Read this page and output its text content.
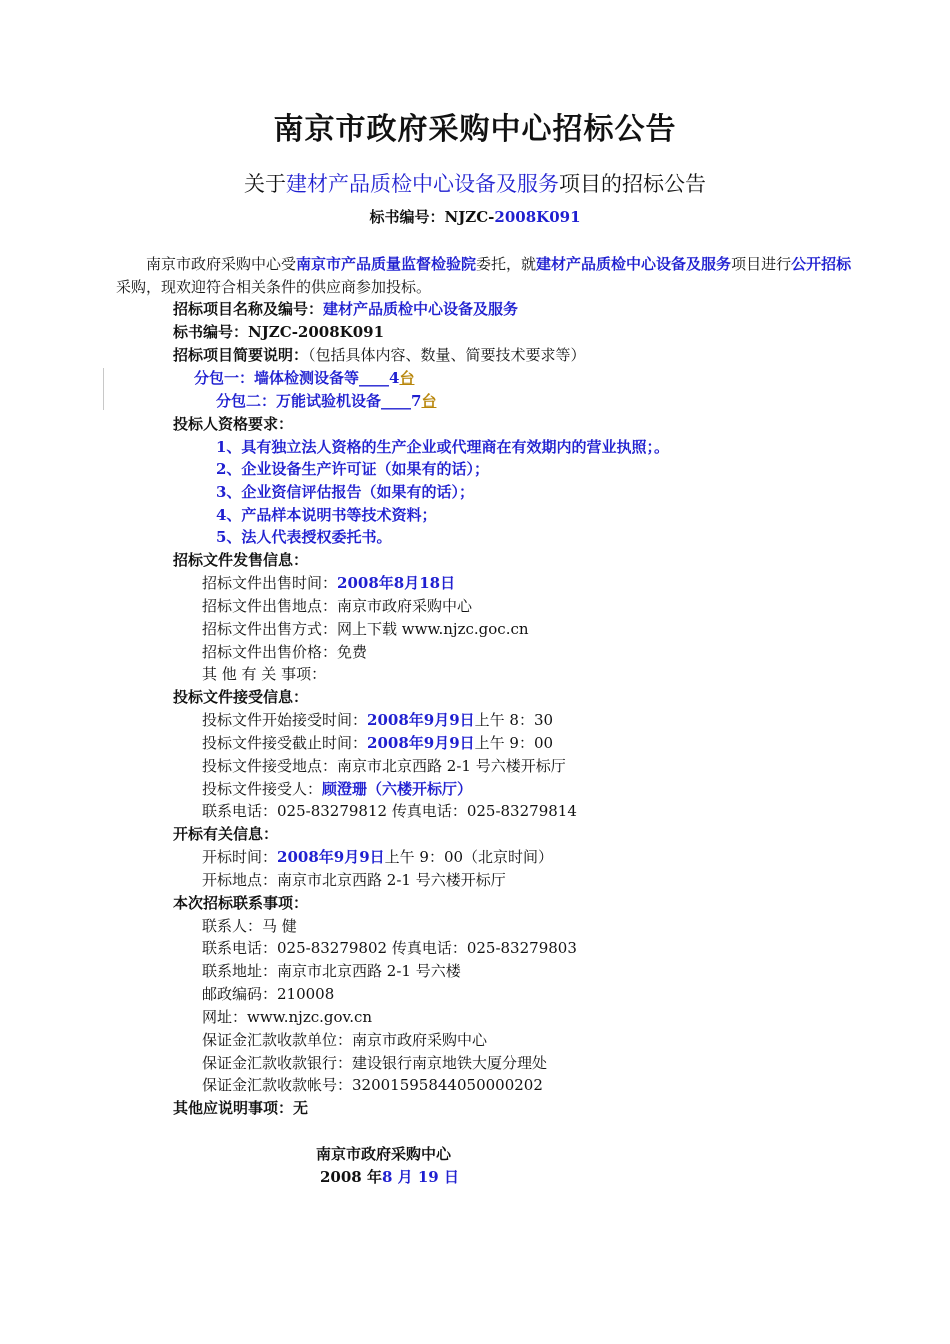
南京市政府采购中心招标公告
关于建材产品质检中心设备及服务项目的招标公告
标书编号：NJZC-2008K091
南京市政府采购中心受南京市产品质量监督检验院委托，就建材产品质检中心设备及服务项目进行公开招标采购，现欢迎符合相关条件的供应商参加投标。
招标项目名称及编号：建材产品质检中心设备及服务
标书编号：NJZC-2008K091
招标项目简要说明：（包括具体内容、数量、简要技术要求等）
分包一：墙体检测设备等____4台
分包二：万能试验机设备____7台
投标人资格要求：
1、具有独立法人资格的生产企业或代理商在有效期内的营业执照；。
2、企业设备生产许可证（如果有的话）；
3、企业资信评估报告（如果有的话）；
4、产品样本说明书等技术资料；
5、法人代表授权委托书。
招标文件发售信息：
招标文件出售时间：2008年8月18日
招标文件出售地点：南京市政府采购中心
招标文件出售方式：网上下载 www.njzc.goc.cn
招标文件出售价格：免费
其 他 有 关 事项：
投标文件接受信息：
投标文件开始接受时间：2008年9月9日上午 8：30
投标文件接受截止时间：2008年9月9日上午 9：00
投标文件接受地点：南京市北京西路 2-1 号六楼开标厅
投标文件接受人：顾澄珊（六楼开标厅）
联系电话：025-83279812 传真电话：025-83279814
开标有关信息：
开标时间：2008年9月9日上午 9：00（北京时间）
开标地点：南京市北京西路 2-1 号六楼开标厅
本次招标联系事项：
联系人：马 健
联系电话：025-83279802 传真电话：025-83279803
联系地址：南京市北京西路 2-1 号六楼
邮政编码：210008
网址：www.njzc.gov.cn
保证金汇款收款单位：南京市政府采购中心
保证金汇款收款银行：建设银行南京地铁大厦分理处
保证金汇款收款帐号：32001595844050000202
其他应说明事项：无
南京市政府采购中心
2008 年8 月 19 日
